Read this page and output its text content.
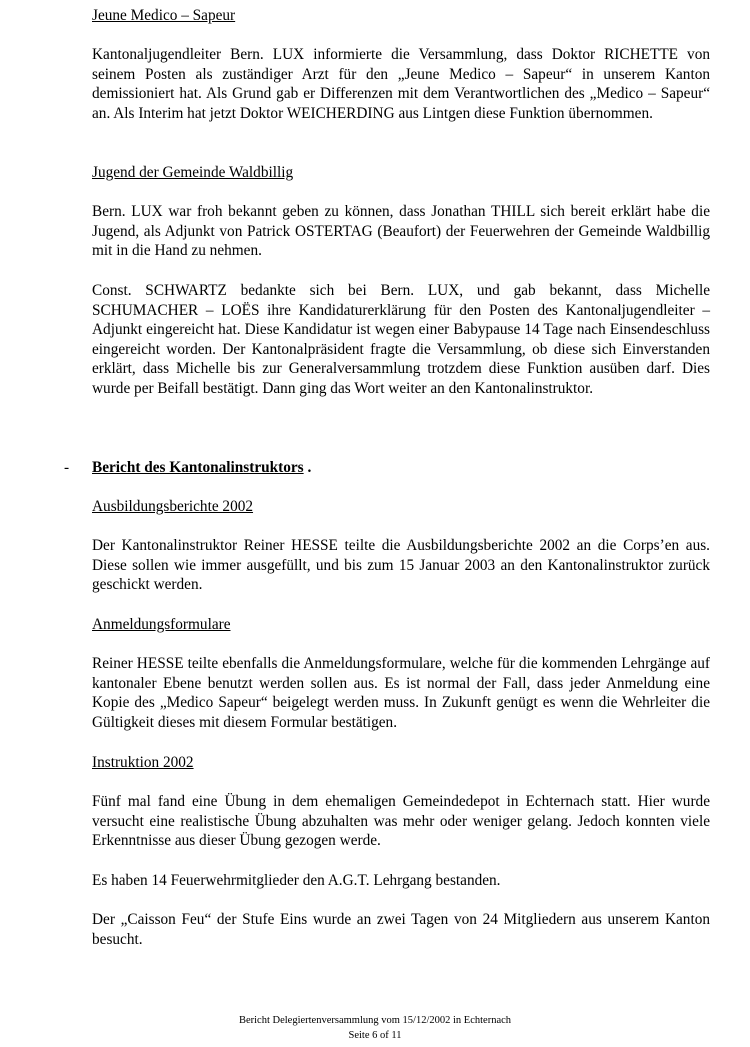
Jeune Medico – Sapeur
Kantonaljugendleiter Bern. LUX informierte die Versammlung, dass Doktor RICHETTE von seinem Posten als zuständiger Arzt für den „Jeune Medico – Sapeur“ in unserem Kanton demissioniert hat. Als Grund gab er Differenzen mit dem Verantwortlichen des „Medico – Sapeur“ an. Als Interim hat jetzt Doktor WEICHERDING aus Lintgen diese Funktion übernommen.
Jugend der Gemeinde Waldbillig
Bern. LUX war froh bekannt geben zu können, dass Jonathan THILL sich bereit erklärt habe die Jugend, als Adjunkt von Patrick OSTERTAG (Beaufort) der Feuerwehren der Gemeinde Waldbillig mit in die Hand zu nehmen.
Const. SCHWARTZ bedankte sich bei Bern. LUX, und gab bekannt, dass Michelle SCHUMACHER – LOËS ihre Kandidaturerklärung für den Posten des Kantonaljugendleiter – Adjunkt eingereicht hat. Diese Kandidatur ist wegen einer Babypause 14 Tage nach Einsendeschluss eingereicht worden. Der Kantonalpräsident fragte die Versammlung, ob diese sich Einverstanden erklärt, dass Michelle bis zur Generalversammlung trotzdem diese Funktion ausüben darf. Dies wurde per Beifall bestätigt. Dann ging das Wort weiter an den Kantonalinstruktor.
- Bericht des Kantonalinstruktors .
Ausbildungsberichte 2002
Der Kantonalinstruktor Reiner HESSE teilte die Ausbildungsberichte 2002 an die Corps’en aus. Diese sollen wie immer ausgefüllt, und bis zum 15 Januar 2003 an den Kantonalinstruktor zurück geschickt werden.
Anmeldungsformulare
Reiner HESSE teilte ebenfalls die Anmeldungsformulare, welche für die kommenden Lehrgänge auf kantonaler Ebene benutzt werden sollen aus. Es ist normal der Fall, dass jeder Anmeldung eine Kopie des „Medico Sapeur“ beigelegt werden muss. In Zukunft genügt es wenn die Wehrleiter die Gültigkeit dieses mit diesem Formular bestätigen.
Instruktion 2002
Fünf mal fand eine Übung in dem ehemaligen Gemeindedepot in Echternach statt. Hier wurde versucht eine realistische Übung abzuhalten was mehr oder weniger gelang. Jedoch konnten viele Erkenntnisse aus dieser Übung gezogen werde.
Es haben 14 Feuerwehrmitglieder den A.G.T. Lehrgang bestanden.
Der „Caisson Feu“ der Stufe Eins wurde an zwei Tagen von 24 Mitgliedern aus unserem Kanton besucht.
Bericht Delegiertenversammlung vom 15/12/2002 in Echternach
Seite 6 of 11
